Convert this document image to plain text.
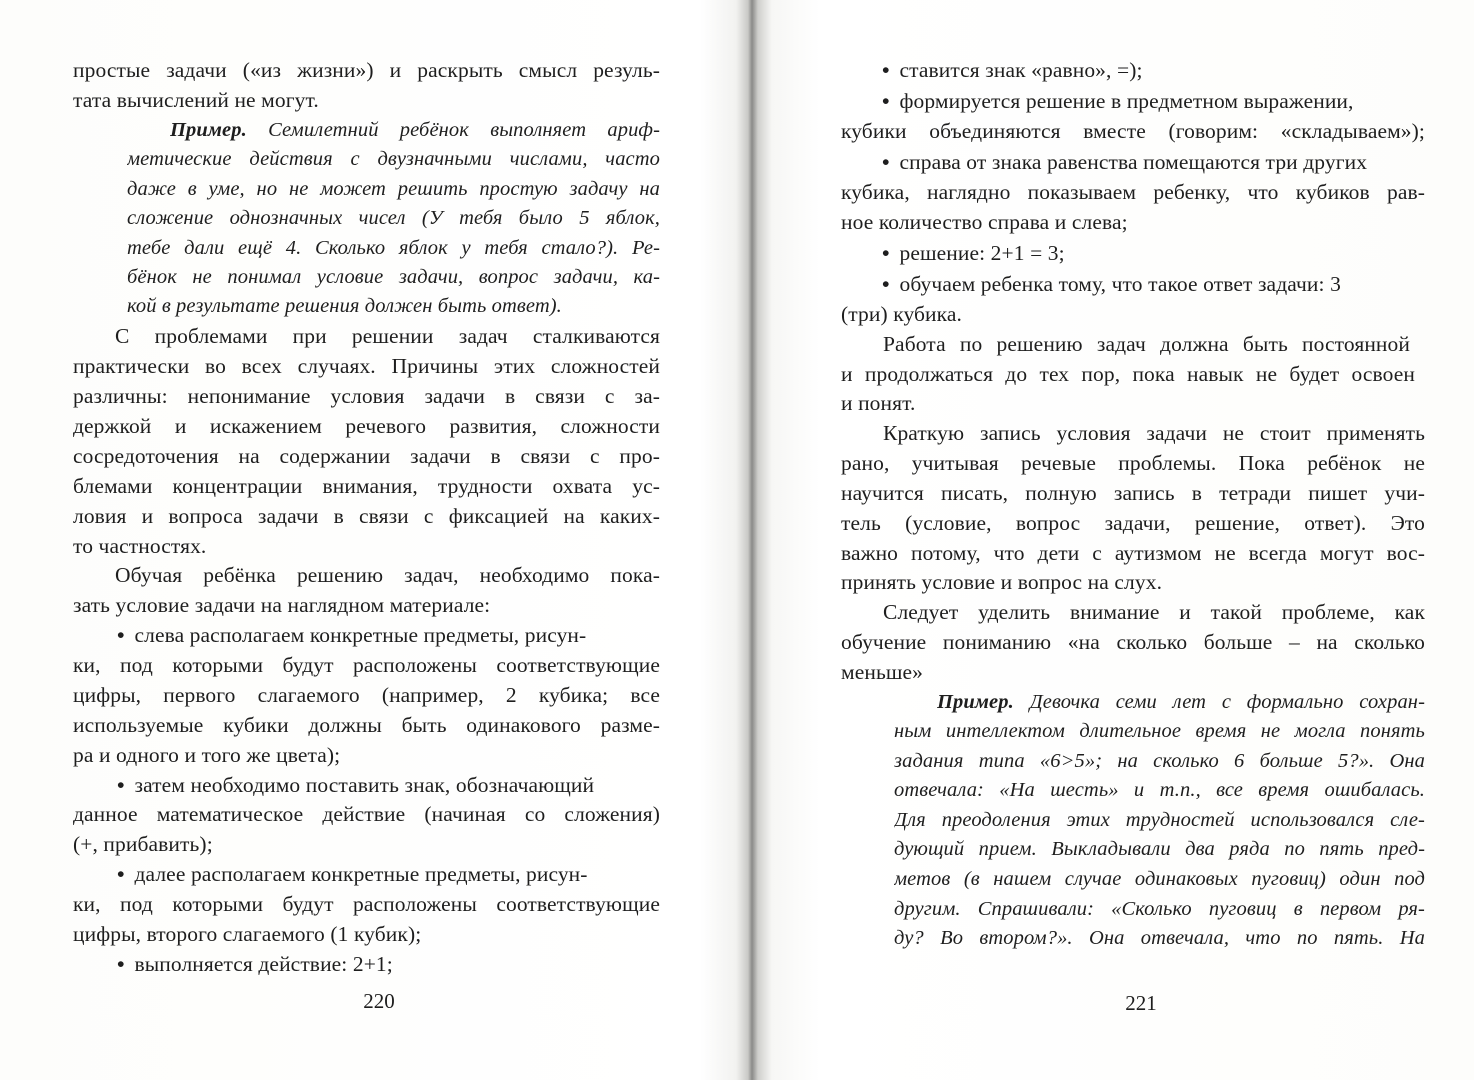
простые задачи («из жизни») и раскрыть смысл резуль-
тата вычислений не могут.
Пример. Семилетний ребёнок выполняет ариф-
метические действия с двузначными числами, часто
даже в уме, но не может решить простую задачу на
сложение однозначных чисел (У тебя было 5 яблок,
тебе дали ещё 4. Сколько яблок у тебя стало?). Ре-
бёнок не понимал условие задачи, вопрос задачи, ка-
кой в результате решения должен быть ответ).
С проблемами при решении задач сталкиваются
практически во всех случаях. Причины этих сложностей
различны: непонимание условия задачи в связи с за-
держкой и искажением речевого развития, сложности
сосредоточения на содержании задачи в связи с про-
блемами концентрации внимания, трудности охвата ус-
ловия и вопроса задачи в связи с фиксацией на каких-
то частностях.
Обучая ребёнка решению задач, необходимо пока-
зать условие задачи на наглядном материале:
• слева располагаем конкретные предметы, рисун-
ки, под которыми будут расположены соответствующие
цифры, первого слагаемого (например, 2 кубика; все
используемые кубики должны быть одинакового разме-
ра и одного и того же цвета);
• затем необходимо поставить знак, обозначающий
данное математическое действие (начиная со сложения)
(+, прибавить);
• далее располагаем конкретные предметы, рисун-
ки, под которыми будут расположены соответствующие
цифры, второго слагаемого (1 кубик);
• выполняется действие: 2+1;
220
• ставится знак «равно», =);
• формируется решение в предметном выражении,
кубики объединяются вместе (говорим: «складываем»);
• справа от знака равенства помещаются три других
кубика, наглядно показываем ребенку, что кубиков рав-
ное количество справа и слева;
• решение: 2+1 = 3;
• обучаем ребенка тому, что такое ответ задачи: 3
(три) кубика.
Работа по решению задач должна быть постоянной
и продолжаться до тех пор, пока навык не будет освоен
и понят.
Краткую запись условия задачи не стоит применять
рано, учитывая речевые проблемы. Пока ребёнок не
научится писать, полную запись в тетради пишет учи-
тель (условие, вопрос задачи, решение, ответ). Это
важно потому, что дети с аутизмом не всегда могут вос-
принять условие и вопрос на слух.
Следует уделить внимание и такой проблеме, как
обучение пониманию «на сколько больше – на сколько
меньше»
Пример. Девочка семи лет с формально сохран-
ным интеллектом длительное время не могла понять
задания типа «6>5»; на сколько 6 больше 5?». Она
отвечала: «На шесть» и т.п., все время ошибалась.
Для преодоления этих трудностей использовался сле-
дующий прием. Выкладывали два ряда по пять пред-
метов (в нашем случае одинаковых пуговиц) один под
другим. Спрашивали: «Сколько пуговиц в первом ря-
ду? Во втором?». Она отвечала, что по пять. На
221
